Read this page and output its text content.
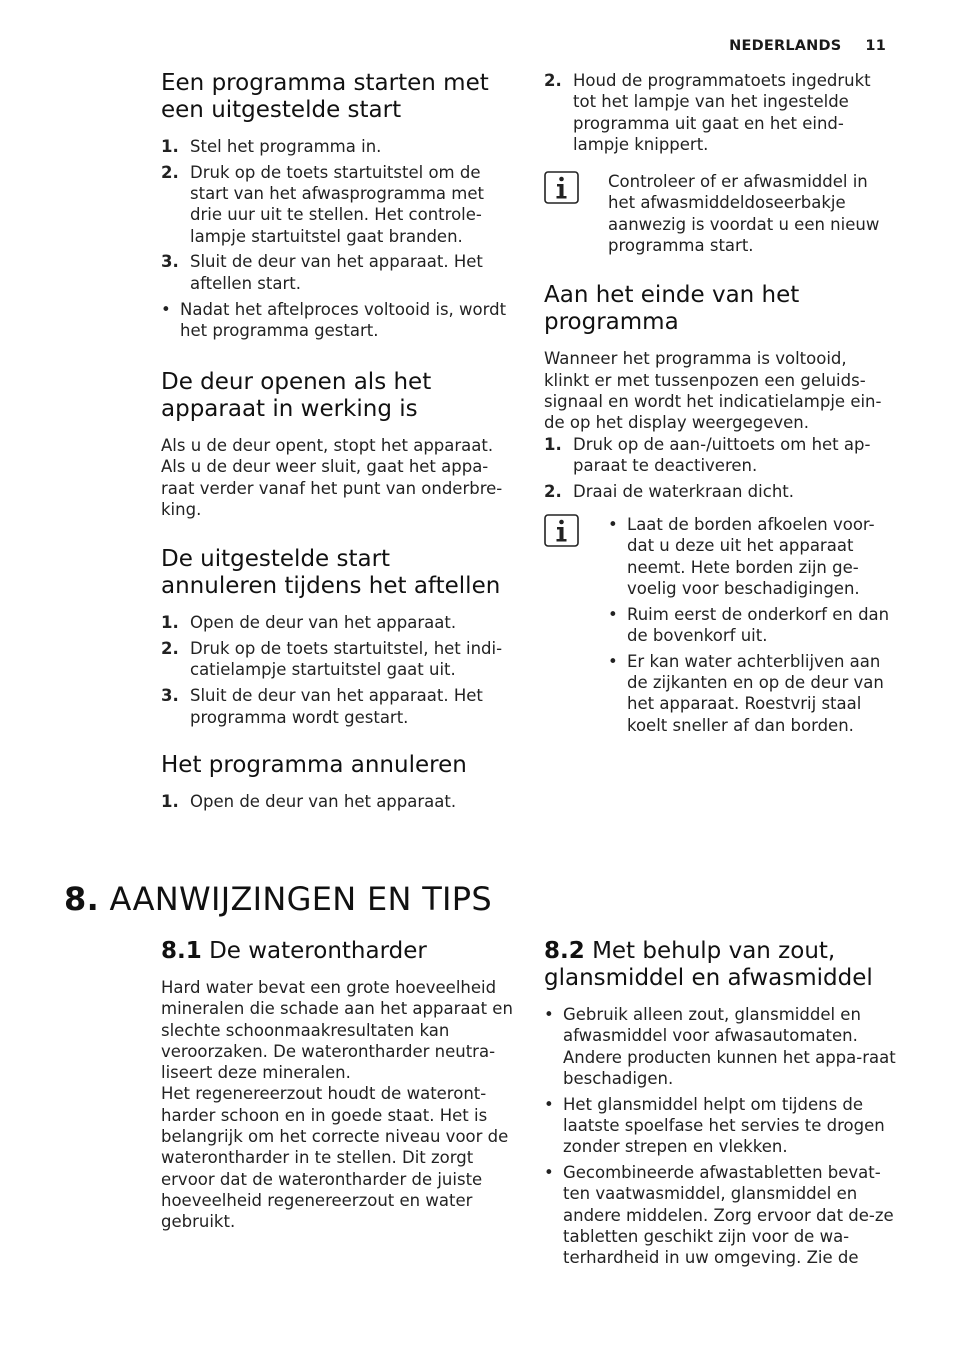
NEDERLANDS 11
Een programma starten met een uitgestelde start
1. Stel het programma in.
2. Druk op de toets startuitstel om de start van het afwasprogramma met drie uur uit te stellen. Het controle-lampje startuitstel gaat branden.
3. Sluit de deur van het apparaat. Het aftellen start.
• Nadat het aftelproces voltooid is, wordt het programma gestart.
De deur openen als het apparaat in werking is

Als u de deur opent, stopt het apparaat. Als u de deur weer sluit, gaat het appa-raat verder vanaf het punt van onderbre-king.

De uitgestelde start annuleren tijdens het aftellen
1. Open de deur van het apparaat.
2. Druk op de toets startuitstel, het indi-catielampje startuitstel gaat uit.
3. Sluit de deur van het apparaat. Het programma wordt gestart.
Het programma annuleren
1. Open de deur van het apparaat.
2. Houd de programmatoets ingedrukt tot het lampje van het ingestelde programma uit gaat en het eind-lampje knippert.

Controleer of er afwasmiddel in het afwasmiddeldoseerbakje aanwezig is voordat u een nieuw programma start.

Aan het einde van het programma

Wanneer het programma is voltooid, klinkt er met tussenpozen een geluids-signaal en wordt het indicatielampje ein-de op het display weergegeven.

1. Druk op de aan-/uittoets om het ap-paraat te deactiveren.
2. Draai de waterkraan dicht.
• Laat de borden afkoelen voor-dat u deze uit het apparaat neemt. Hete borden zijn ge-voelig voor beschadigingen.
• Ruim eerst de onderkorf en dan de bovenkorf uit.
• Er kan water achterblijven aan de zijkanten en op de deur van het apparaat. Roestvrij staal koelt sneller af dan borden.
8. AANWIJZINGEN EN TIPS
8.1 De waterontharder

Hard water bevat een grote hoeveelheid mineralen die schade aan het apparaat en slechte schoonmaakresultaten kan veroorzaken. De waterontharder neutra-liseert deze mineralen.

Het regenereerzout houdt de wateront-harder schoon en in goede staat. Het is belangrijk om het correcte niveau voor de waterontharder in te stellen. Dit zorgt ervoor dat de waterontharder de juiste hoeveelheid regenereerzout en water gebruikt.

8.2 Met behulp van zout, glansmiddel en afwasmiddel
• Gebruik alleen zout, glansmiddel en afwasmiddel voor afwasautomaten. Andere producten kunnen het appa-raat beschadigen.
• Het glansmiddel helpt om tijdens de laatste spoelfase het servies te drogen zonder strepen en vlekken.
• Gecombineerde afwastabletten bevat-ten vaatwasmiddel, glansmiddel en andere middelen. Zorg ervoor dat de-ze tabletten geschikt zijn voor de wa-terhardheid in uw omgeving. Zie de
